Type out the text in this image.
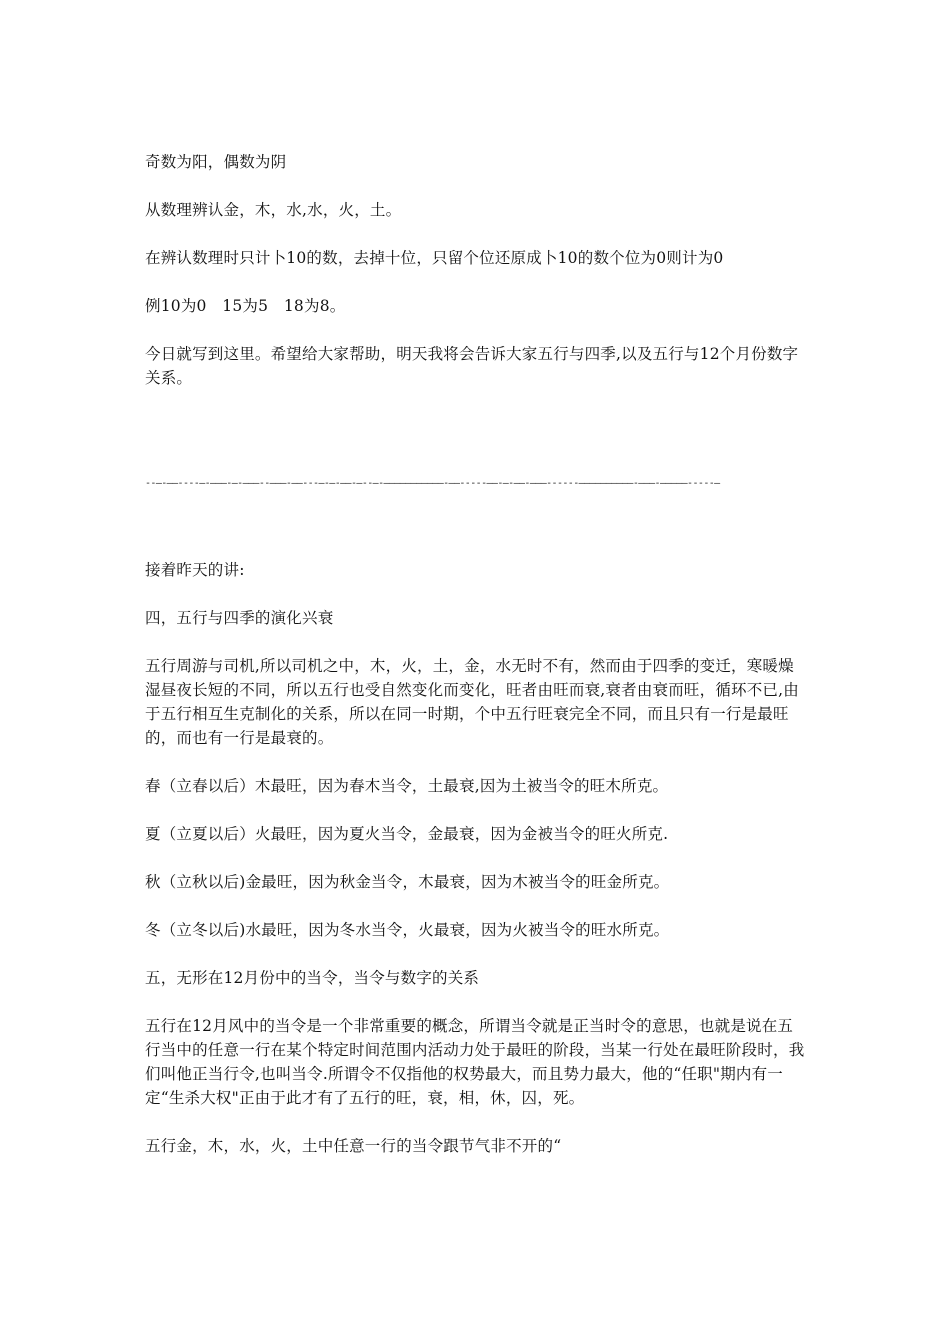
奇数为阳，偶数为阴

从数理辨认金，木，水,水，火，土。

在辨认数理时只计卜10的数，去掉十位，只留个位还原成卜10的数个位为0则计为0

例10为0　15为5　18为8。

今日就写到这里。希望给大家帮助，明天我将会告诉大家五行与四季,以及五行与12个月份数字关系。

--—-——----—-———-—-———--———-——---—-—-——-—--—-———————————-——-----——-—-——-———------——————————-———-—————-----—

接着昨天的讲:

四，五行与四季的演化兴衰

五行周游与司机,所以司机之中，木，火，土，金，水无时不有，然而由于四季的变迁，寒暖燥湿昼夜长短的不同，所以五行也受自然变化而变化，旺者由旺而衰,衰者由衰而旺，循环不已,由于五行相互生克制化的关系，所以在同一时期，个中五行旺衰完全不同，而且只有一行是最旺的，而也有一行是最衰的。

春（立春以后）木最旺，因为春木当令，土最衰,因为土被当令的旺木所克。

夏（立夏以后）火最旺，因为夏火当令，金最衰，因为金被当令的旺火所克.

秋（立秋以后)金最旺，因为秋金当令，木最衰，因为木被当令的旺金所克。

冬（立冬以后)水最旺，因为冬水当令，火最衰，因为火被当令的旺水所克。

五，无形在12月份中的当令，当令与数字的关系

五行在12月风中的当令是一个非常重要的概念，所谓当令就是正当时令的意思，也就是说在五行当中的任意一行在某个特定时间范围内活动力处于最旺的阶段，当某一行处在最旺阶段时，我们叫他正当行令,也叫当令.所谓令不仅指他的权势最大，而且势力最大，他的“任职"期内有一定“生杀大权"正由于此才有了五行的旺，衰，相，休，囚，死。

五行金，木，水，火，土中任意一行的当令跟节气非不开的“
